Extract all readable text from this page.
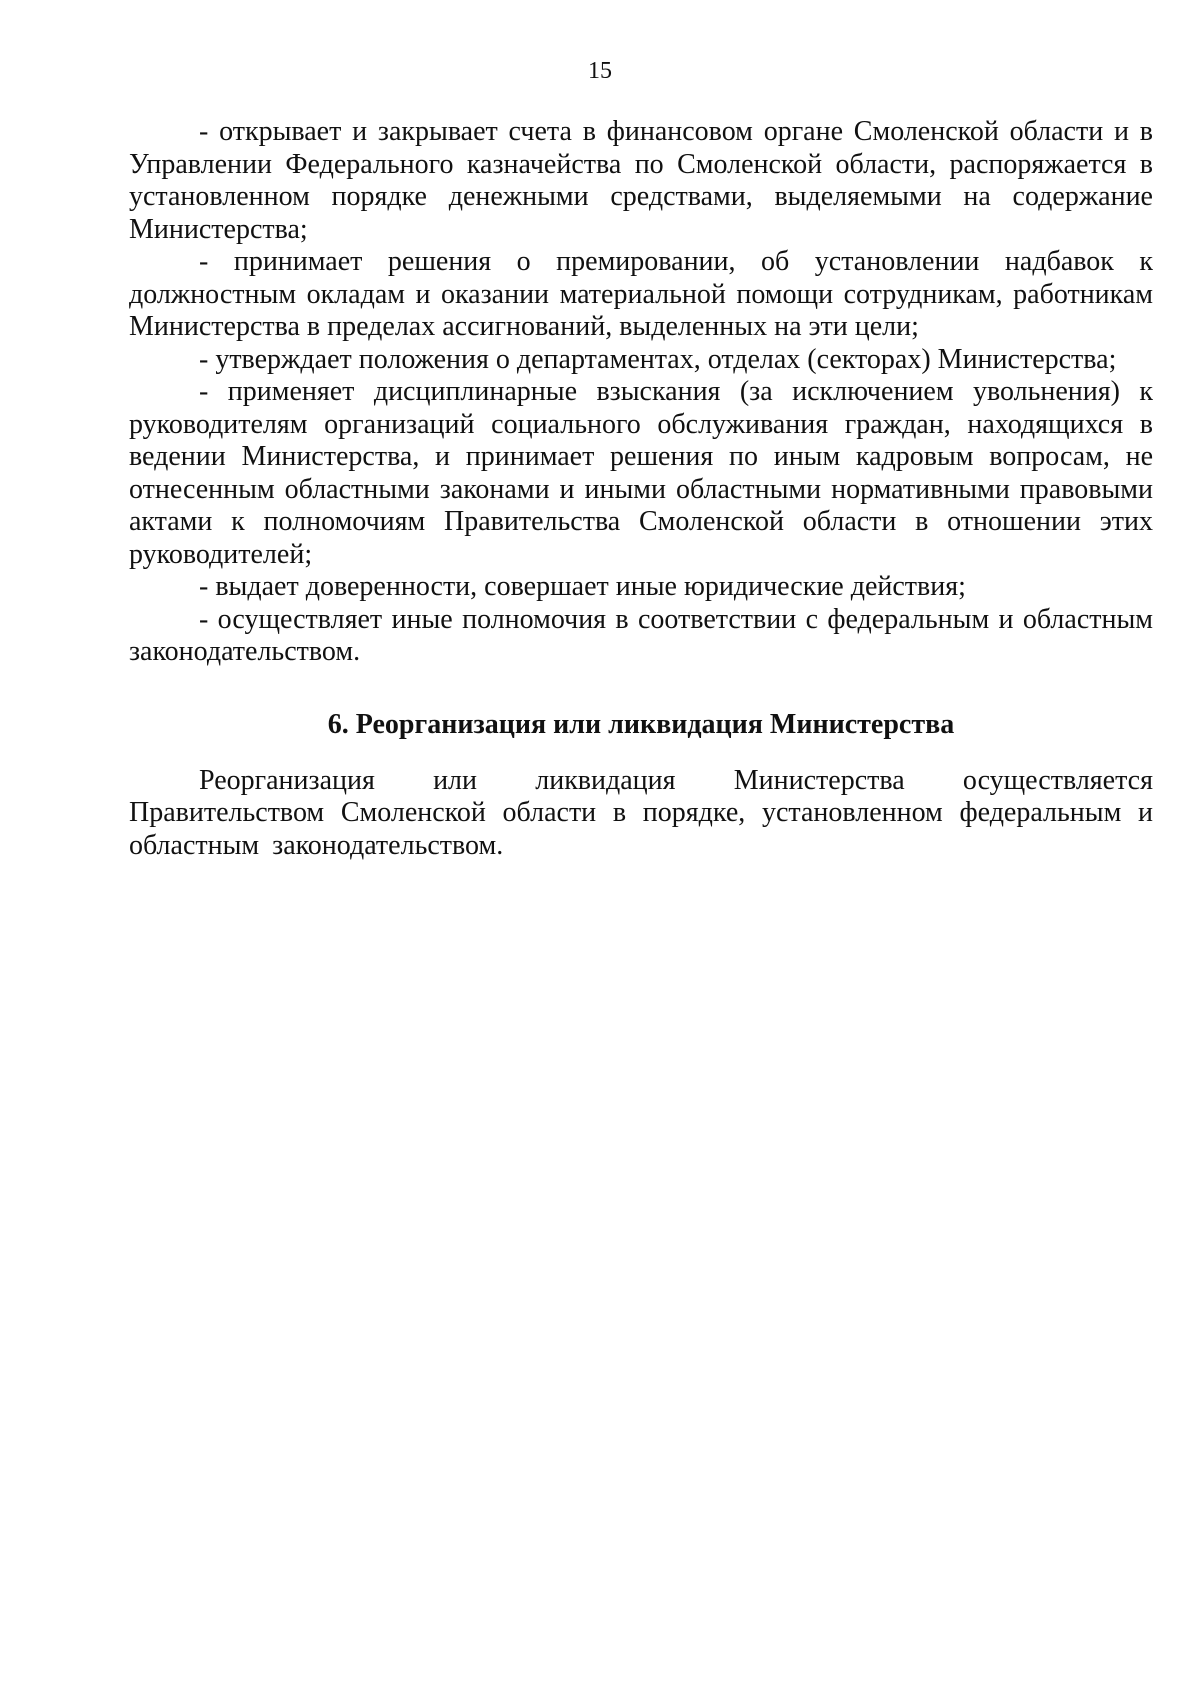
15

- открывает и закрывает счета в финансовом органе Смоленской области и в Управлении Федерального казначейства по Смоленской области, распоряжается в установленном порядке денежными средствами, выделяемыми на содержание Министерства;

- принимает решения о премировании, об установлении надбавок к должностным окладам и оказании материальной помощи сотрудникам, работникам Министерства в пределах ассигнований, выделенных на эти цели;

- утверждает положения о департаментах, отделах (секторах) Министерства;

- применяет дисциплинарные взыскания (за исключением увольнения) к руководителям организаций социального обслуживания граждан, находящихся в ведении Министерства, и принимает решения по иным кадровым вопросам, не отнесенным областными законами и иными областными нормативными правовыми актами к полномочиям Правительства Смоленской области в отношении этих руководителей;

- выдает доверенности, совершает иные юридические действия;

- осуществляет иные полномочия в соответствии с федеральным и областным законодательством.

6. Реорганизация или ликвидация Министерства

Реорганизация или ликвидация Министерства осуществляется Правительством Смоленской области в порядке, установленном федеральным и областным законодательством.
